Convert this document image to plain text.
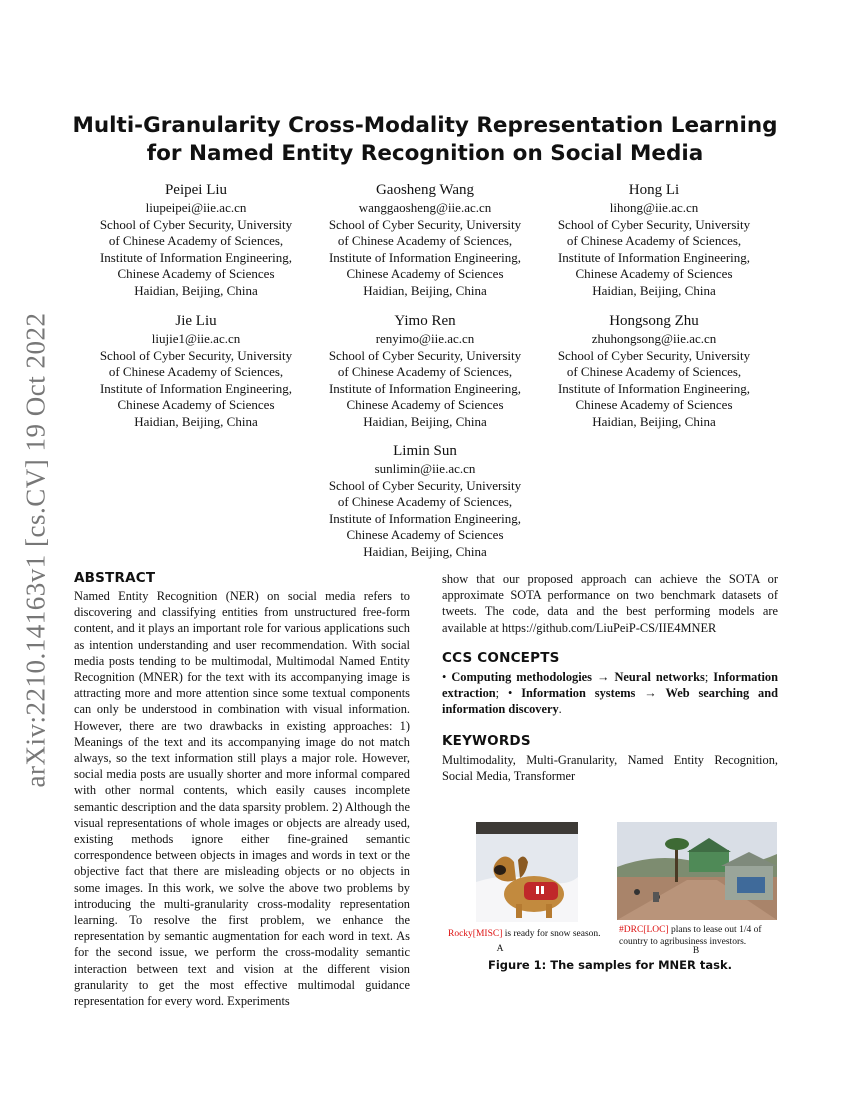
arXiv:2210.14163v1 [cs.CV] 19 Oct 2022
Multi-Granularity Cross-Modality Representation Learning
for Named Entity Recognition on Social Media
Peipei Liu
liupeipei@iie.ac.cn
School of Cyber Security, University
of Chinese Academy of Sciences,
Institute of Information Engineering,
Chinese Academy of Sciences
Haidian, Beijing, China
Gaosheng Wang
wanggaosheng@iie.ac.cn
School of Cyber Security, University
of Chinese Academy of Sciences,
Institute of Information Engineering,
Chinese Academy of Sciences
Haidian, Beijing, China
Hong Li
lihong@iie.ac.cn
School of Cyber Security, University
of Chinese Academy of Sciences,
Institute of Information Engineering,
Chinese Academy of Sciences
Haidian, Beijing, China
Jie Liu
liujie1@iie.ac.cn
School of Cyber Security, University
of Chinese Academy of Sciences,
Institute of Information Engineering,
Chinese Academy of Sciences
Haidian, Beijing, China
Yimo Ren
renyimo@iie.ac.cn
School of Cyber Security, University
of Chinese Academy of Sciences,
Institute of Information Engineering,
Chinese Academy of Sciences
Haidian, Beijing, China
Hongsong Zhu
zhuhongsong@iie.ac.cn
School of Cyber Security, University
of Chinese Academy of Sciences,
Institute of Information Engineering,
Chinese Academy of Sciences
Haidian, Beijing, China
Limin Sun
sunlimin@iie.ac.cn
School of Cyber Security, University
of Chinese Academy of Sciences,
Institute of Information Engineering,
Chinese Academy of Sciences
Haidian, Beijing, China
ABSTRACT

Named Entity Recognition (NER) on social media refers to discovering and classifying entities from unstructured free-form content, and it plays an important role for various applications such as intention understanding and user recommendation. With social media posts tending to be multimodal, Multimodal Named Entity Recognition (MNER) for the text with its accompanying image is attracting more and more attention since some textual components can only be understood in combination with visual information. However, there are two drawbacks in existing approaches: 1) Meanings of the text and its accompanying image do not match always, so the text information still plays a major role. However, social media posts are usually shorter and more informal compared with other normal contents, which easily causes incomplete semantic description and the data sparsity problem. 2) Although the visual representations of whole images or objects are already used, existing methods ignore either fine-grained semantic correspondence between objects in images and words in text or the objective fact that there are misleading objects or no objects in some images. In this work, we solve the above two problems by introducing the multi-granularity cross-modality representation learning. To resolve the first problem, we enhance the representation by semantic augmentation for each word in text. As for the second issue, we perform the cross-modality semantic interaction between text and vision at the different vision granularity to get the most effective multimodal guidance representation for every word. Experiments

show that our proposed approach can achieve the SOTA or approximate SOTA performance on two benchmark datasets of tweets. The code, data and the best performing models are available at https://github.com/LiuPeiP-CS/IIE4MNER

CCS CONCEPTS

• Computing methodologies → Neural networks; Information extraction; • Information systems → Web searching and information discovery.

KEYWORDS

Multimodality, Multi-Granularity, Named Entity Recognition, Social Media, Transformer

Rocky[MISC] is ready for snow season.
A
#DRC[LOC] plans to lease out 1/4 of country to agribusiness investors.
B
Figure 1: The samples for MNER task.
